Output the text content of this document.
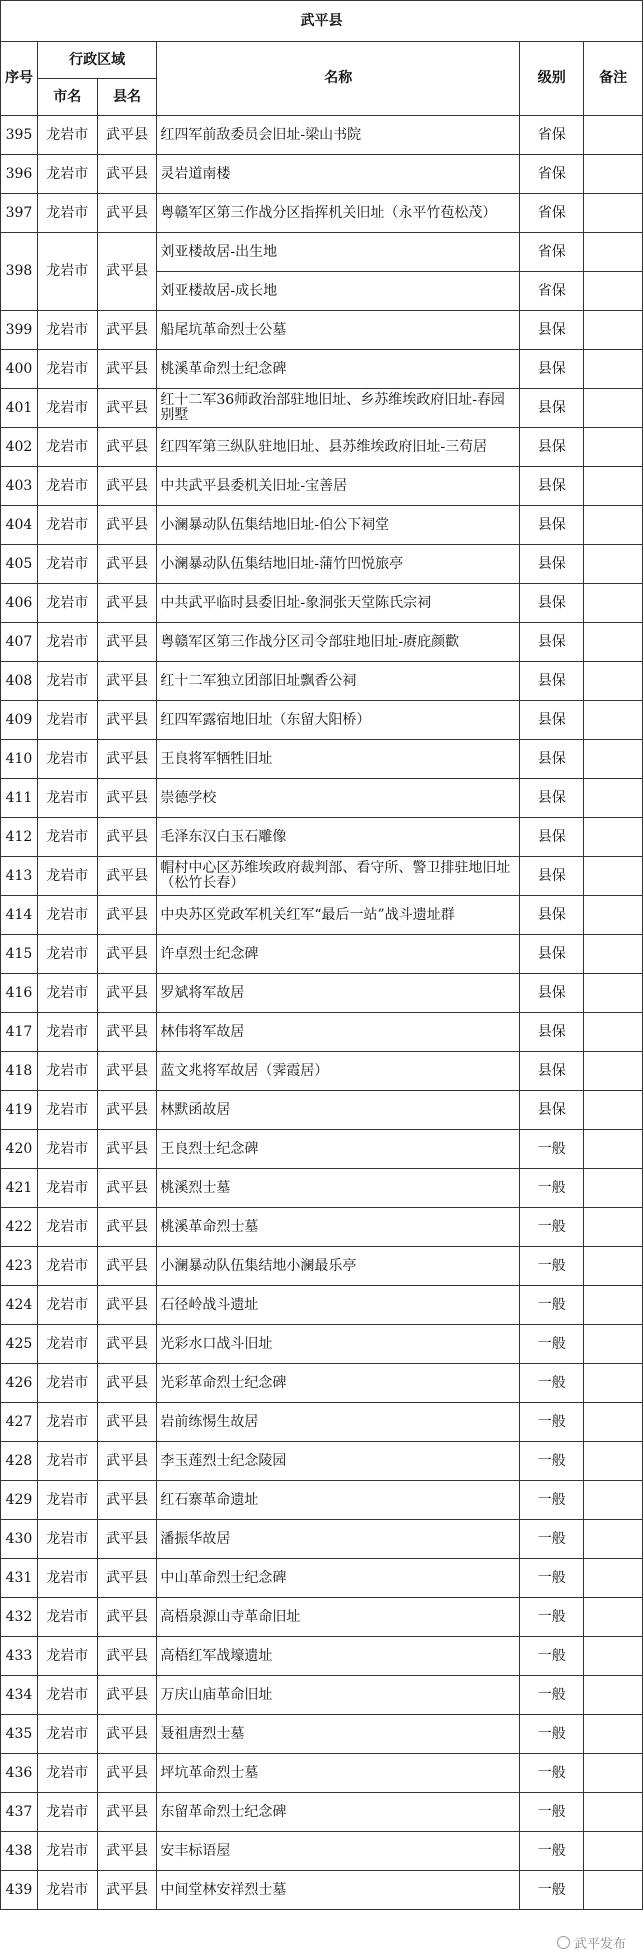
武平县					
序号	行政区域		名称	级别	备注
	市名	县名			
395	龙岩市	武平县	红四军前敌委员会旧址-梁山书院	省保	
396	龙岩市	武平县	灵岩道南楼	省保	
397	龙岩市	武平县	粤赣军区第三作战分区指挥机关旧址（永平竹苞松茂）	省保	
398	龙岩市	武平县	刘亚楼故居-出生地	省保	
			刘亚楼故居-成长地	省保	
399	龙岩市	武平县	船尾坑革命烈士公墓	县保	
400	龙岩市	武平县	桃溪革命烈士纪念碑	县保	
401	龙岩市	武平县	红十二军36师政治部驻地旧址、乡苏维埃政府旧址-春园别墅	县保	
402	龙岩市	武平县	红四军第三纵队驻地旧址、县苏维埃政府旧址-三苟居	县保	
403	龙岩市	武平县	中共武平县委机关旧址-宝善居	县保	
404	龙岩市	武平县	小澜暴动队伍集结地旧址-伯公下祠堂	县保	
405	龙岩市	武平县	小澜暴动队伍集结地旧址-蒲竹凹悦旅亭	县保	
406	龙岩市	武平县	中共武平临时县委旧址-象洞张天堂陈氏宗祠	县保	
407	龙岩市	武平县	粤赣军区第三作战分区司令部驻地旧址-赓庇颜歡	县保	
408	龙岩市	武平县	红十二军独立团部旧址飘香公祠	县保	
409	龙岩市	武平县	红四军露宿地旧址（东留大阳桥）	县保	
410	龙岩市	武平县	王良将军牺牲旧址	县保	
411	龙岩市	武平县	崇德学校	县保	
412	龙岩市	武平县	毛泽东汉白玉石雕像	县保	
413	龙岩市	武平县	帽村中心区苏维埃政府裁判部、看守所、警卫排驻地旧址（松竹长春）	县保	
414	龙岩市	武平县	中央苏区党政军机关红军“最后一站”战斗遗址群	县保	
415	龙岩市	武平县	许卓烈士纪念碑	县保	
416	龙岩市	武平县	罗斌将军故居	县保	
417	龙岩市	武平县	林伟将军故居	县保	
418	龙岩市	武平县	蓝文兆将军故居（霁霞居）	县保	
419	龙岩市	武平县	林默函故居	县保	
420	龙岩市	武平县	王良烈士纪念碑	一般	
421	龙岩市	武平县	桃溪烈士墓	一般	
422	龙岩市	武平县	桃溪革命烈士墓	一般	
423	龙岩市	武平县	小澜暴动队伍集结地小澜最乐亭	一般	
424	龙岩市	武平县	石径岭战斗遗址	一般	
425	龙岩市	武平县	光彩水口战斗旧址	一般	
426	龙岩市	武平县	光彩革命烈士纪念碑	一般	
427	龙岩市	武平县	岩前练惕生故居	一般	
428	龙岩市	武平县	李玉莲烈士纪念陵园	一般	
429	龙岩市	武平县	红石寨革命遗址	一般	
430	龙岩市	武平县	潘振华故居	一般	
431	龙岩市	武平县	中山革命烈士纪念碑	一般	
432	龙岩市	武平县	高梧泉源山寺革命旧址	一般	
433	龙岩市	武平县	高梧红军战壕遗址	一般	
434	龙岩市	武平县	万庆山庙革命旧址	一般	
435	龙岩市	武平县	聂祖唐烈士墓	一般	
436	龙岩市	武平县	坪坑革命烈士墓	一般	
437	龙岩市	武平县	东留革命烈士纪念碑	一般	
438	龙岩市	武平县	安丰标语屋	一般	
439	龙岩市	武平县	中间堂林安祥烈士墓	一般	
武平发布
